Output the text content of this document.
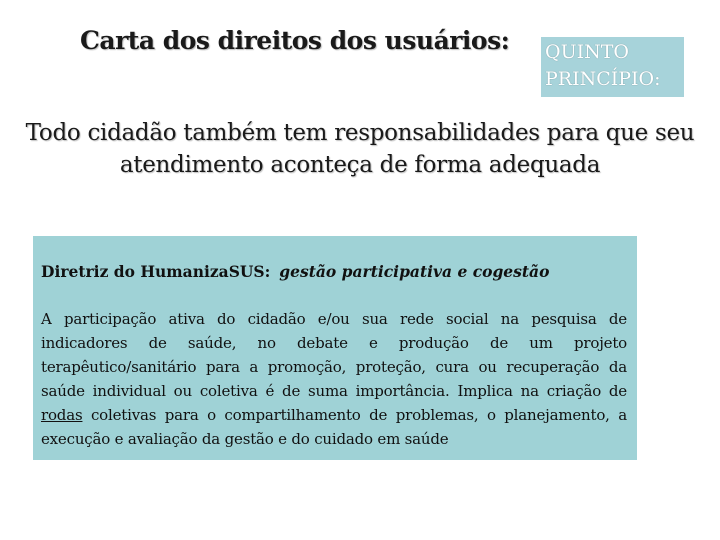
Carta dos direitos dos usuários: QUINTO
PRINCÍPIO:
Todo cidadão também tem responsabilidades para que seu
atendimento aconteça de forma adequada
Diretriz do HumanizaSUS: gestão participativa e cogestão

A participação ativa do cidadão e/ou sua rede social na pesquisa de indicadores de saúde, no debate e produção de um projeto terapêutico/sanitário para a promoção, proteção, cura ou recuperação da saúde individual ou coletiva é de suma importância. Implica na criação de rodas coletivas para o compartilhamento de problemas, o planejamento, a execução e avaliação da gestão e do cuidado em saúde
